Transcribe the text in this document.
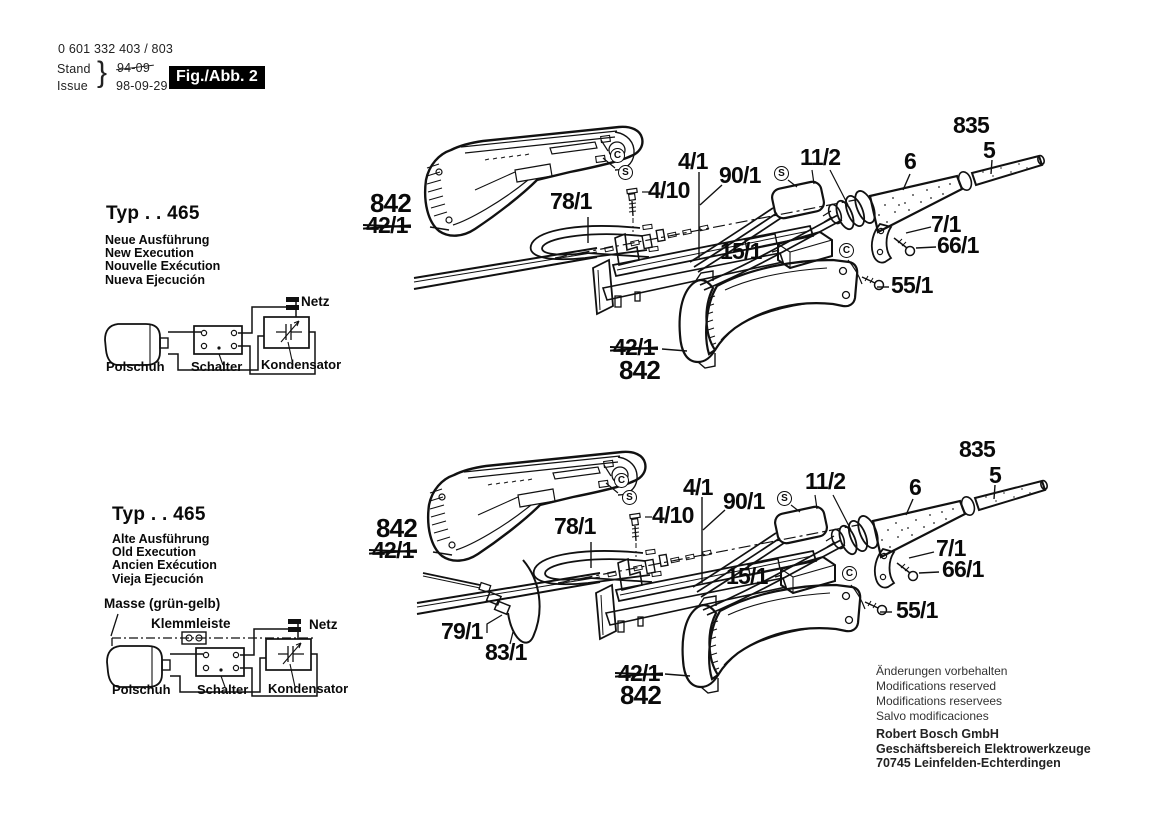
0 601 332 403 / 803
Stand
Issue } 94-09
98-09-29
Fig./Abb. 2
Typ . . 465
Neue Ausführung
New Execution
Nouvelle Exécution
Nueva Ejecución
Netz
Polschuh Schalter Kondensator
Typ . . 465
Alte Ausführung
Old Execution
Ancien Exécution
Vieja Ejecución
Masse (grün-gelb)
Klemmleiste	Netz
Polschuh Schalter Kondensator
842
42/1
78/1
4/1
4/10
90/1
11/2	6
835
5
7/1
66/1
15/1
55/1
42/1
842
C
S	S
C
842
42/1
78/1
4/1
4/10
90/1
11/2	6
835
5
7/1
66/1
15/1
55/1
79/1
83/1
42/1
842
C
S	S
C
Änderungen vorbehalten
Modifications reserved
Modifications reservees
Salvo modificaciones
Robert Bosch GmbH
Geschäftsbereich Elektrowerkzeuge
70745 Leinfelden-Echterdingen
